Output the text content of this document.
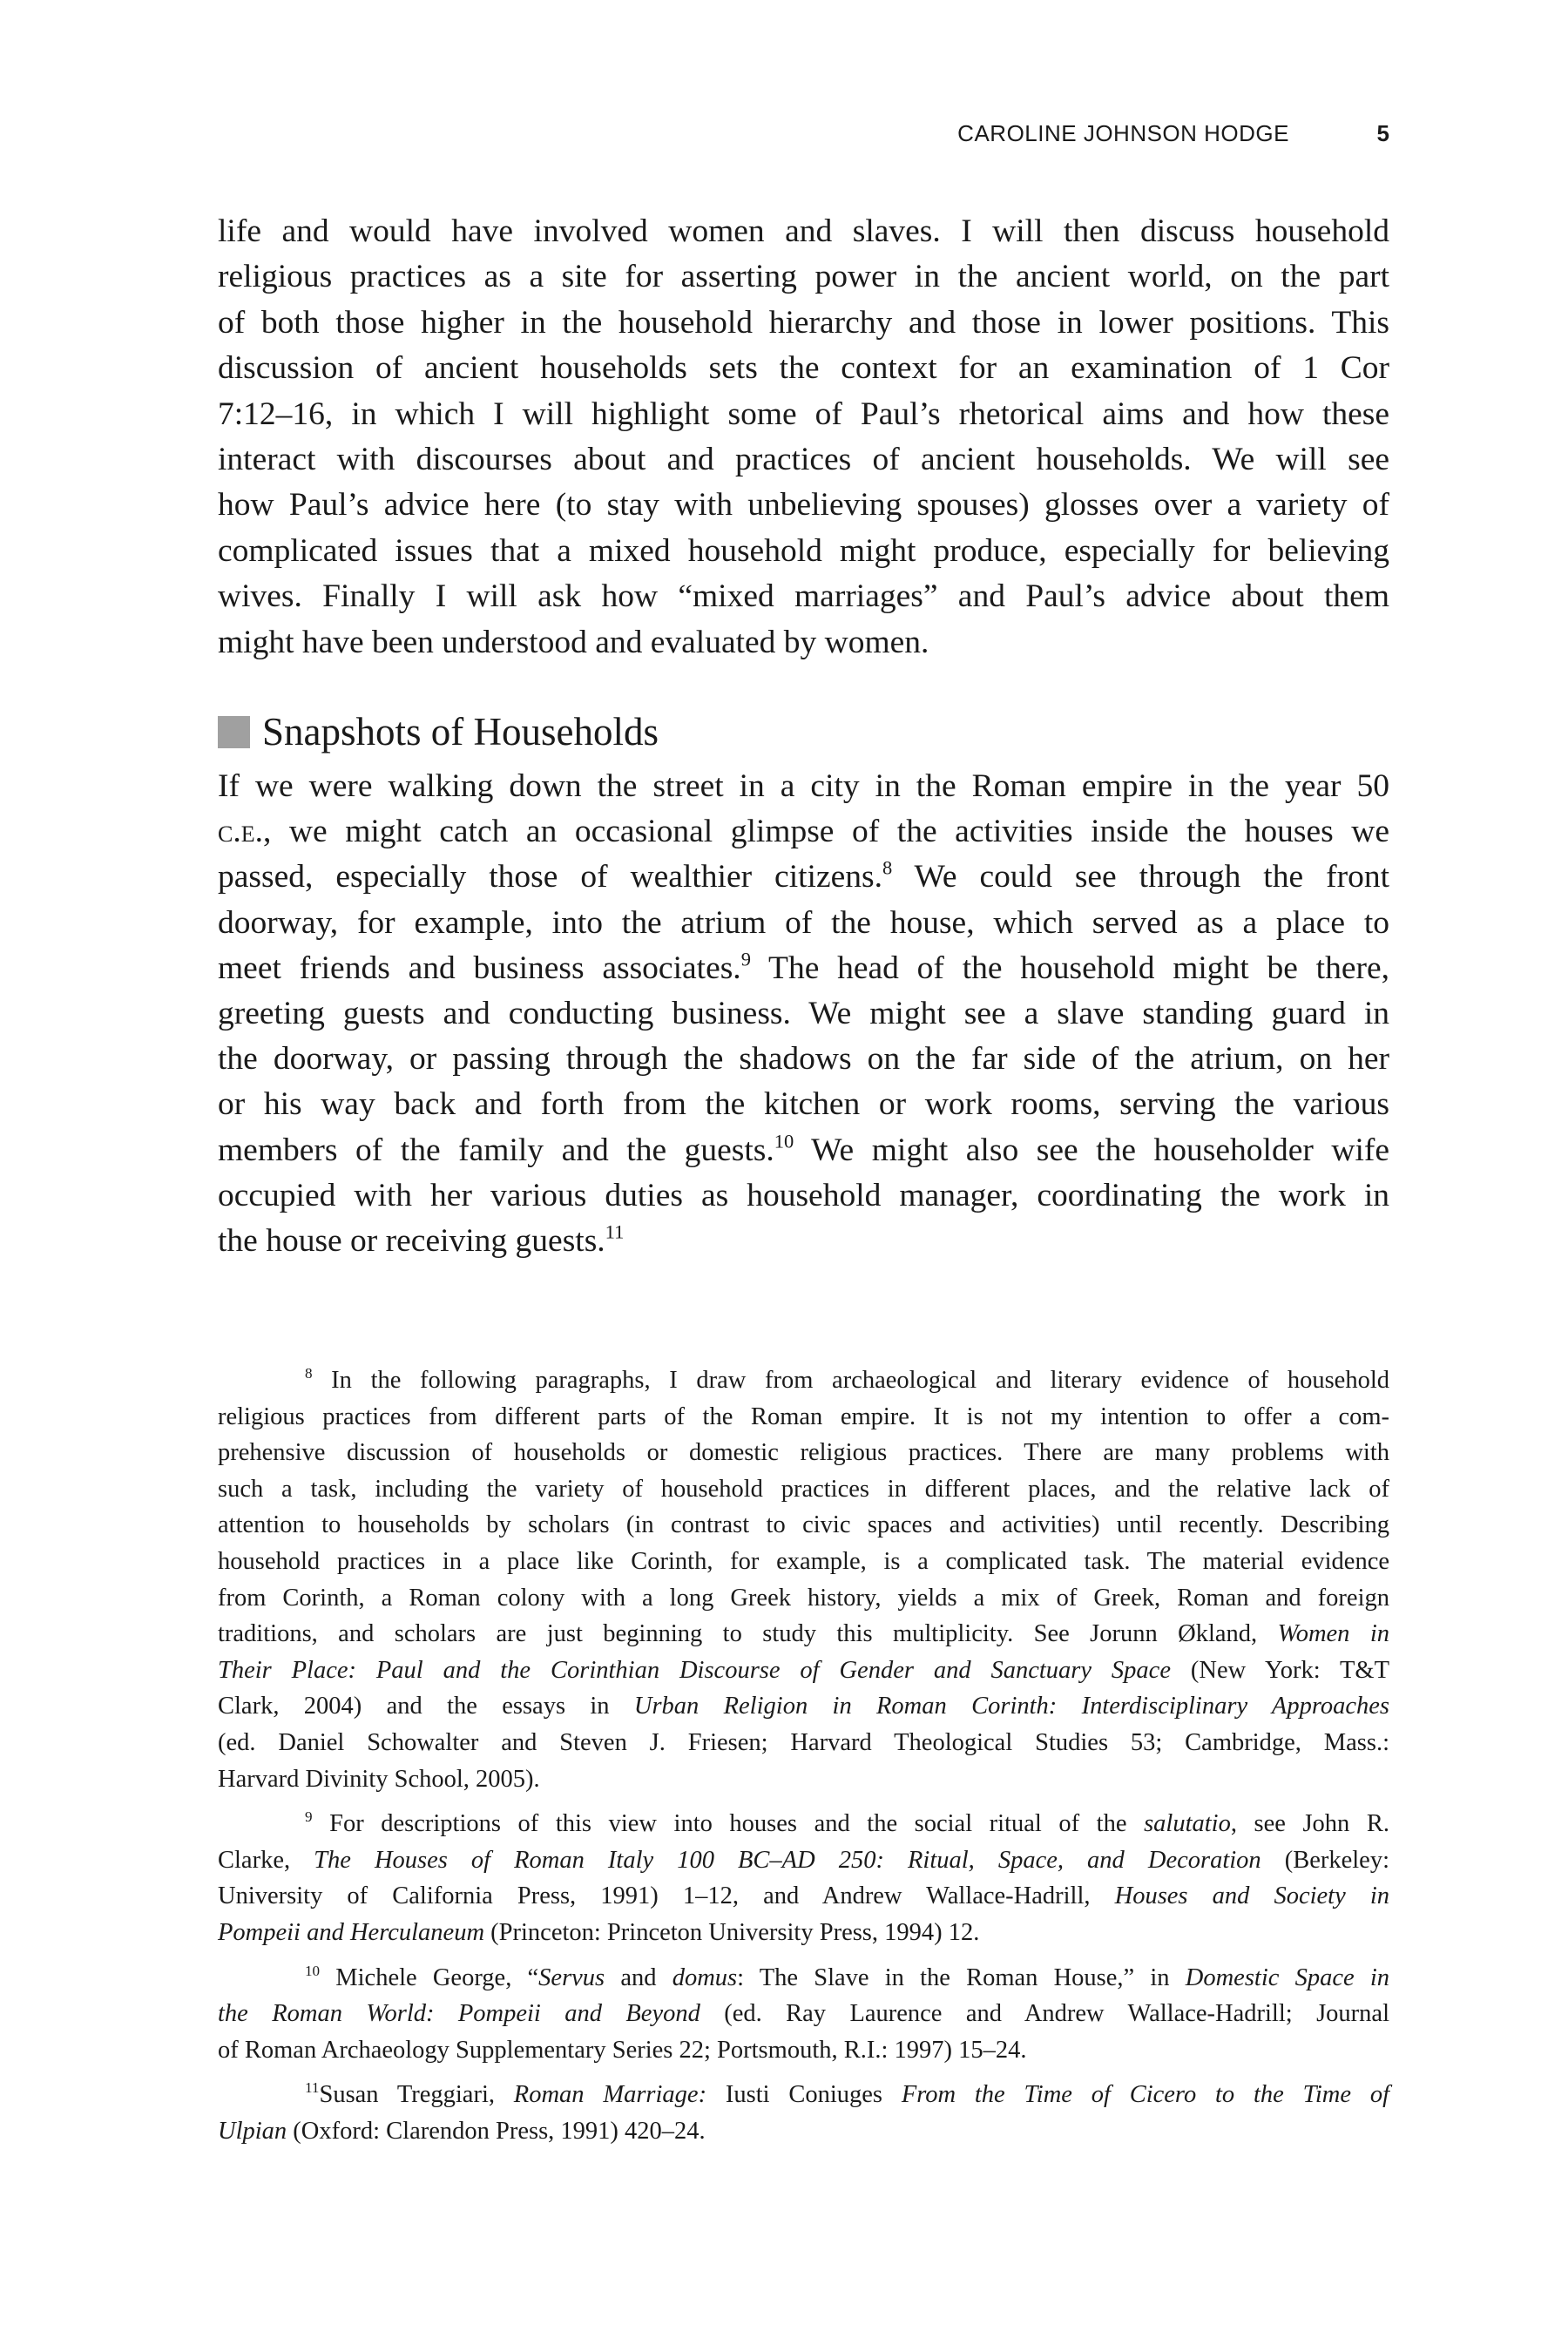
CAROLINE JOHNSON HODGE	5
life and would have involved women and slaves. I will then discuss household
religious practices as a site for asserting power in the ancient world, on the part
of both those higher in the household hierarchy and those in lower positions. This
discussion of ancient households sets the context for an examination of 1 Cor
7:12–16, in which I will highlight some of Paul’s rhetorical aims and how these
interact with discourses about and practices of ancient households. We will see
how Paul’s advice here (to stay with unbelieving spouses) glosses over a variety of
complicated issues that a mixed household might produce, especially for believing
wives. Finally I will ask how “mixed marriages” and Paul’s advice about them
might have been understood and evaluated by women.
Snapshots of Households
If we were walking down the street in a city in the Roman empire in the year 50
c.e., we might catch an occasional glimpse of the activities inside the houses we
passed, especially those of wealthier citizens.$^8$ We could see through the front
doorway, for example, into the atrium of the house, which served as a place to
meet friends and business associates.$^9$ The head of the household might be there,
greeting guests and conducting business. We might see a slave standing guard in
the doorway, or passing through the shadows on the far side of the atrium, on her
or his way back and forth from the kitchen or work rooms, serving the various
members of the family and the guests.$^{10}$ We might also see the householder wife
occupied with her various duties as household manager, coordinating the work in
the house or receiving guests.$^{11}$
$^8$ In the following paragraphs, I draw from archaeological and literary evidence of household
religious practices from different parts of the Roman empire. It is not my intention to offer a com-
prehensive discussion of households or domestic religious practices. There are many problems with
such a task, including the variety of household practices in different places, and the relative lack of
attention to households by scholars (in contrast to civic spaces and activities) until recently. Describing
household practices in a place like Corinth, for example, is a complicated task. The material evidence
from Corinth, a Roman colony with a long Greek history, yields a mix of Greek, Roman and foreign
traditions, and scholars are just beginning to study this multiplicity. See Jorunn Økland, Women in
Their Place: Paul and the Corinthian Discourse of Gender and Sanctuary Space (New York: T&T
Clark, 2004) and the essays in Urban Religion in Roman Corinth: Interdisciplinary Approaches
(ed. Daniel Schowalter and Steven J. Friesen; Harvard Theological Studies 53; Cambridge, Mass.:
Harvard Divinity School, 2005).
$^9$ For descriptions of this view into houses and the social ritual of the salutatio, see John R.
Clarke, The Houses of Roman Italy 100 BC–AD 250: Ritual, Space, and Decoration (Berkeley:
University of California Press, 1991) 1–12, and Andrew Wallace-Hadrill, Houses and Society in
Pompeii and Herculaneum (Princeton: Princeton University Press, 1994) 12.
$^{10}$ Michele George, “Servus and domus: The Slave in the Roman House,” in Domestic Space in
the Roman World: Pompeii and Beyond (ed. Ray Laurence and Andrew Wallace-Hadrill; Journal
of Roman Archaeology Supplementary Series 22; Portsmouth, R.I.: 1997) 15–24.
$^{11}$Susan Treggiari, Roman Marriage: Iusti Coniuges From the Time of Cicero to the Time of
Ulpian (Oxford: Clarendon Press, 1991) 420–24.
